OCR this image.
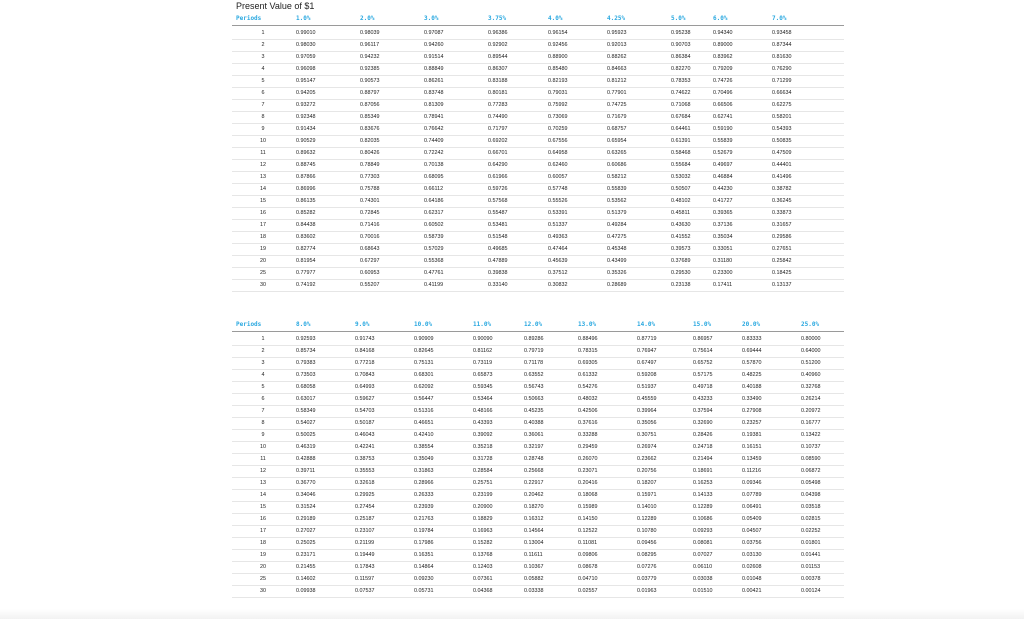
Present Value of $1
Periods	1.0%	2.0%	3.0%	3.75%	4.0%	4.25%	5.0%	6.0%	7.0%
1	0.99010	0.98039	0.97087	0.96386	0.96154	0.95923	0.95238	0.94340	0.93458
2	0.98030	0.96117	0.94260	0.92902	0.92456	0.92013	0.90703	0.89000	0.87344
3	0.97059	0.94232	0.91514	0.89544	0.88900	0.88262	0.86384	0.83962	0.81630
4	0.96098	0.92385	0.88849	0.86307	0.85480	0.84663	0.82270	0.79209	0.76290
5	0.95147	0.90573	0.86261	0.83188	0.82193	0.81212	0.78353	0.74726	0.71299
6	0.94205	0.88797	0.83748	0.80181	0.79031	0.77901	0.74622	0.70496	0.66634
7	0.93272	0.87056	0.81309	0.77283	0.75992	0.74725	0.71068	0.66506	0.62275
8	0.92348	0.85349	0.78941	0.74490	0.73069	0.71679	0.67684	0.62741	0.58201
9	0.91434	0.83676	0.76642	0.71797	0.70259	0.68757	0.64461	0.59190	0.54393
10	0.90529	0.82035	0.74409	0.69202	0.67556	0.65954	0.61391	0.55839	0.50835
11	0.89632	0.80426	0.72242	0.66701	0.64958	0.63265	0.58468	0.52679	0.47509
12	0.88745	0.78849	0.70138	0.64290	0.62460	0.60686	0.55684	0.49697	0.44401
13	0.87866	0.77303	0.68095	0.61966	0.60057	0.58212	0.53032	0.46884	0.41496
14	0.86996	0.75788	0.66112	0.59726	0.57748	0.55839	0.50507	0.44230	0.38782
15	0.86135	0.74301	0.64186	0.57568	0.55526	0.53562	0.48102	0.41727	0.36245
16	0.85282	0.72845	0.62317	0.55487	0.53391	0.51379	0.45811	0.39365	0.33873
17	0.84438	0.71416	0.60502	0.53481	0.51337	0.49284	0.43630	0.37136	0.31657
18	0.83602	0.70016	0.58739	0.51548	0.49363	0.47275	0.41552	0.35034	0.29586
19	0.82774	0.68643	0.57029	0.49685	0.47464	0.45348	0.39573	0.33051	0.27651
20	0.81954	0.67297	0.55368	0.47889	0.45639	0.43499	0.37689	0.31180	0.25842
25	0.77977	0.60953	0.47761	0.39838	0.37512	0.35326	0.29530	0.23300	0.18425
30	0.74192	0.55207	0.41199	0.33140	0.30832	0.28689	0.23138	0.17411	0.13137
Periods	8.0%	9.0%	10.0%	11.0%	12.0%	13.0%	14.0%	15.0%	20.0%	25.0%
1	0.92593	0.91743	0.90909	0.90090	0.89286	0.88496	0.87719	0.86957	0.83333	0.80000
2	0.85734	0.84168	0.82645	0.81162	0.79719	0.78315	0.76947	0.75614	0.69444	0.64000
3	0.79383	0.77218	0.75131	0.73119	0.71178	0.69305	0.67497	0.65752	0.57870	0.51200
4	0.73503	0.70843	0.68301	0.65873	0.63552	0.61332	0.59208	0.57175	0.48225	0.40960
5	0.68058	0.64993	0.62092	0.59345	0.56743	0.54276	0.51937	0.49718	0.40188	0.32768
6	0.63017	0.59627	0.56447	0.53464	0.50663	0.48032	0.45559	0.43233	0.33490	0.26214
7	0.58349	0.54703	0.51316	0.48166	0.45235	0.42506	0.39964	0.37594	0.27908	0.20972
8	0.54027	0.50187	0.46651	0.43393	0.40388	0.37616	0.35056	0.32690	0.23257	0.16777
9	0.50025	0.46043	0.42410	0.39092	0.36061	0.33288	0.30751	0.28426	0.19381	0.13422
10	0.46319	0.42241	0.38554	0.35218	0.32197	0.29459	0.26974	0.24718	0.16151	0.10737
11	0.42888	0.38753	0.35049	0.31728	0.28748	0.26070	0.23662	0.21494	0.13459	0.08590
12	0.39711	0.35553	0.31863	0.28584	0.25668	0.23071	0.20756	0.18691	0.11216	0.06872
13	0.36770	0.32618	0.28966	0.25751	0.22917	0.20416	0.18207	0.16253	0.09346	0.05498
14	0.34046	0.29925	0.26333	0.23199	0.20462	0.18068	0.15971	0.14133	0.07789	0.04398
15	0.31524	0.27454	0.23939	0.20900	0.18270	0.15989	0.14010	0.12289	0.06491	0.03518
16	0.29189	0.25187	0.21763	0.18829	0.16312	0.14150	0.12289	0.10686	0.05409	0.02815
17	0.27027	0.23107	0.19784	0.16963	0.14564	0.12522	0.10780	0.09293	0.04507	0.02252
18	0.25025	0.21199	0.17986	0.15282	0.13004	0.11081	0.09456	0.08081	0.03756	0.01801
19	0.23171	0.19449	0.16351	0.13768	0.11611	0.09806	0.08295	0.07027	0.03130	0.01441
20	0.21455	0.17843	0.14864	0.12403	0.10367	0.08678	0.07276	0.06110	0.02608	0.01153
25	0.14602	0.11597	0.09230	0.07361	0.05882	0.04710	0.03779	0.03038	0.01048	0.00378
30	0.09938	0.07537	0.05731	0.04368	0.03338	0.02557	0.01963	0.01510	0.00421	0.00124
